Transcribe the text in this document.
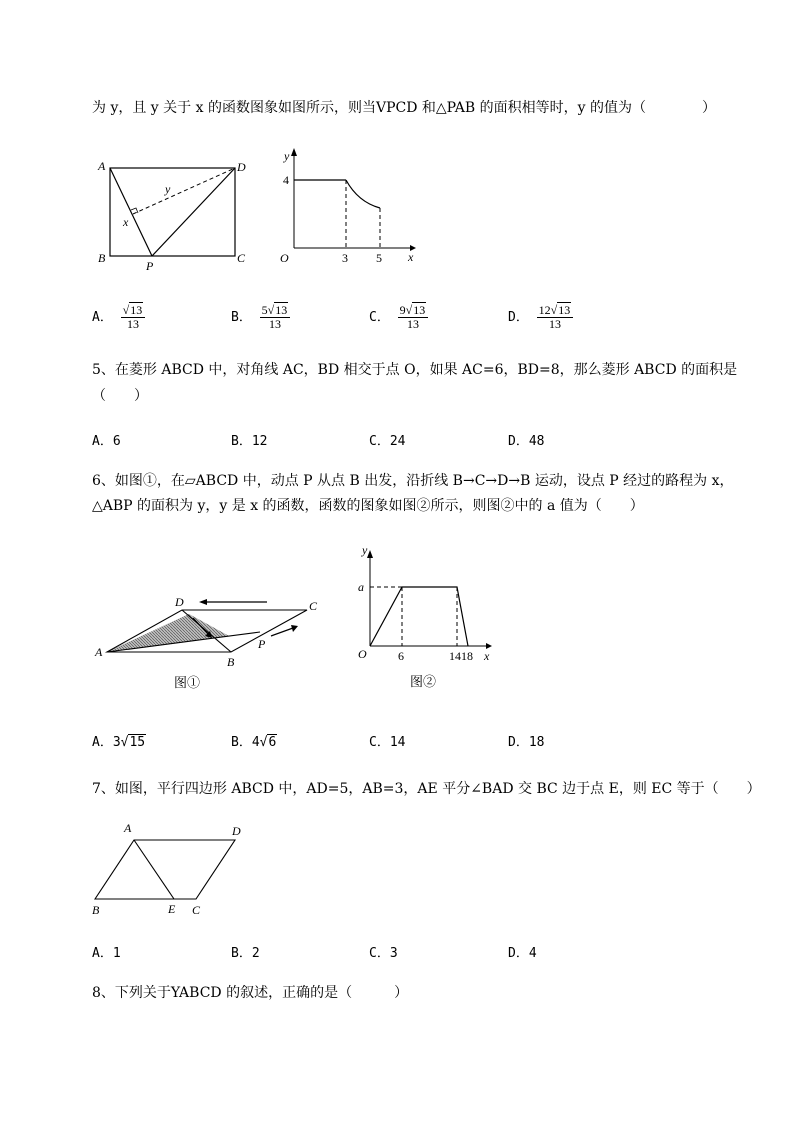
为 y，且 y 关于 x 的函数图象如图所示，则当VPCD 和△PAB 的面积相等时，y 的值为（　　　　）
A	D
B	C
P
x
y
y
x
O
4
3 5
A． $\frac{√13}{13}$	B． $\frac{5√13}{13}$	C． $\frac{9√13}{13}$	D． $\frac{12√13}{13}$
5、在菱形 ABCD 中，对角线 AC，BD 相交于点 O，如果 AC=6，BD=8，那么菱形 ABCD 的面积是
（　　）
A．6	B．12	C．24	D．48
6、如图①，在▱ABCD 中，动点 P 从点 B 出发，沿折线 B→C→D→B 运动，设点 P 经过的路程为 x，
△ABP 的面积为 y，y 是 x 的函数，函数的图象如图②所示，则图②中的 a 值为（　　）
A
D	C
B
P
图①
y
x
O
a
6	14 18
图②
A．3√15	B．4√6	C．14	D．18
7、如图，平行四边形 ABCD 中，AD=5，AB=3，AE 平分∠BAD 交 BC 边于点 E，则 EC 等于（　　）
A	D
B	E C
A．1	B．2	C．3	D．4
8、下列关于YABCD 的叙述，正确的是（　　　）
